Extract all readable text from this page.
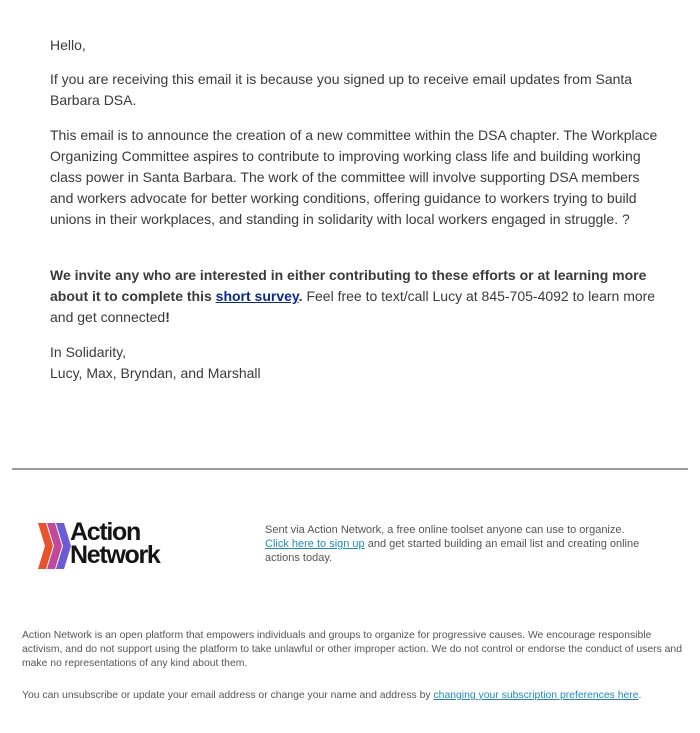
Hello,

If you are receiving this email it is because you signed up to receive email updates from Santa Barbara DSA.

This email is to announce the creation of a new committee within the DSA chapter. The Workplace Organizing Committee aspires to contribute to improving working class life and building working class power in Santa Barbara. The work of the committee will involve supporting DSA members and workers advocate for better working conditions, offering guidance to workers trying to build unions in their workplaces, and standing in solidarity with local workers engaged in struggle. ?

We invite any who are interested in either contributing to these efforts or at learning more about it to complete this short survey. Feel free to text/call Lucy at 845-705-4092 to learn more and get connected!

In Solidarity,

Lucy, Max, Bryndan, and Marshall

Action
Network
Sent via Action Network, a free online toolset anyone can use to organize.
Click here to sign up and get started building an email list and creating online actions today.
Action Network is an open platform that empowers individuals and groups to organize for progressive causes. We encourage responsible activism, and do not support using the platform to take unlawful or other improper action. We do not control or endorse the conduct of users and make no representations of any kind about them.
You can unsubscribe or update your email address or change your name and address by changing your subscription preferences here.
